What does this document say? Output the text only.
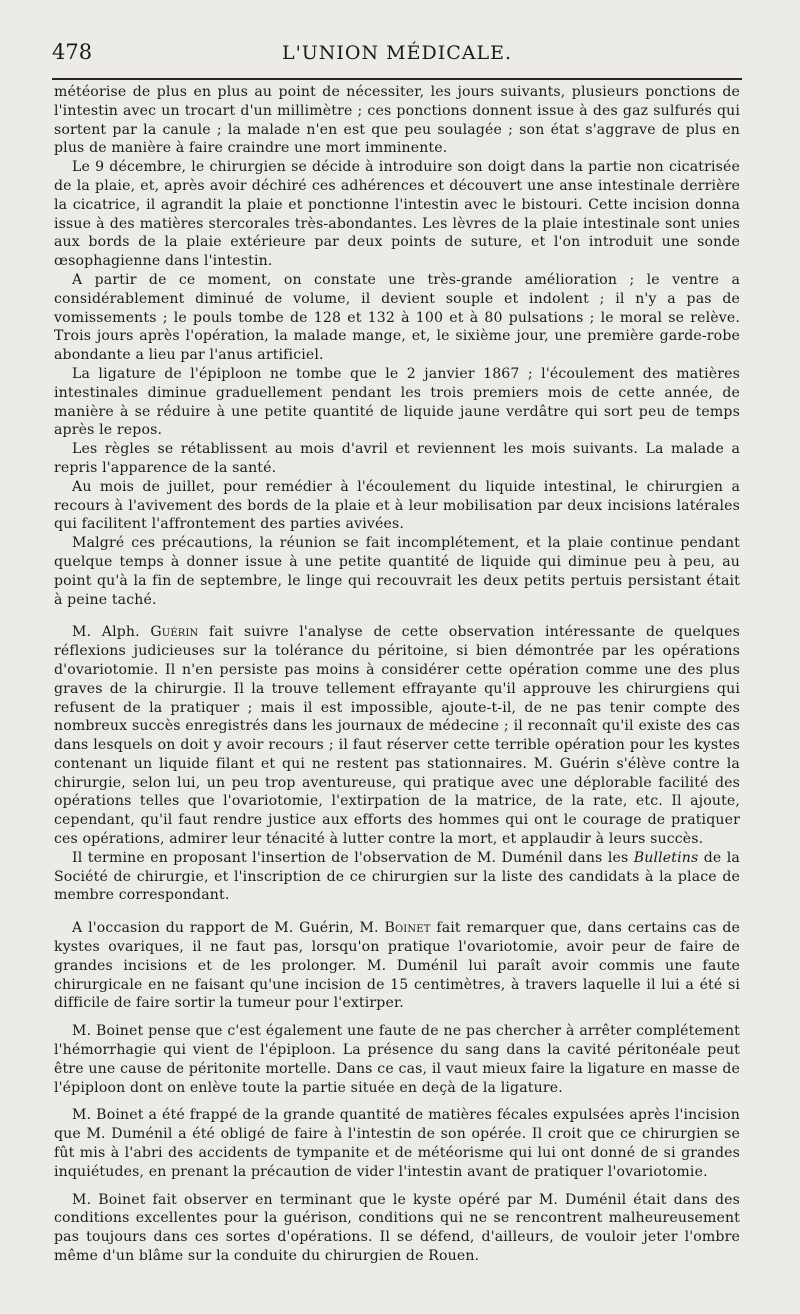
478	L'UNION MÉDICALE.

météorise de plus en plus au point de nécessiter, les jours suivants, plusieurs ponctions de l'intestin avec un trocart d'un millimètre ; ces ponctions donnent issue à des gaz sulfurés qui sortent par la canule ; la malade n'en est que peu soulagée ; son état s'aggrave de plus en plus de manière à faire craindre une mort imminente.

Le 9 décembre, le chirurgien se décide à introduire son doigt dans la partie non cicatrisée de la plaie, et, après avoir déchiré ces adhérences et découvert une anse intestinale derrière la cicatrice, il agrandit la plaie et ponctionne l'intestin avec le bistouri. Cette incision donna issue à des matières stercorales très-abondantes. Les lèvres de la plaie intestinale sont unies aux bords de la plaie extérieure par deux points de suture, et l'on introduit une sonde œsophagienne dans l'intestin.

A partir de ce moment, on constate une très-grande amélioration ; le ventre a considérablement diminué de volume, il devient souple et indolent ; il n'y a pas de vomissements ; le pouls tombe de 128 et 132 à 100 et à 80 pulsations ; le moral se relève. Trois jours après l'opération, la malade mange, et, le sixième jour, une première garde-robe abondante a lieu par l'anus artificiel.

La ligature de l'épiploon ne tombe que le 2 janvier 1867 ; l'écoulement des matières intestinales diminue graduellement pendant les trois premiers mois de cette année, de manière à se réduire à une petite quantité de liquide jaune verdâtre qui sort peu de temps après le repos.

Les règles se rétablissent au mois d'avril et reviennent les mois suivants. La malade a repris l'apparence de la santé.

Au mois de juillet, pour remédier à l'écoulement du liquide intestinal, le chirurgien a recours à l'avivement des bords de la plaie et à leur mobilisation par deux incisions latérales qui facilitent l'affrontement des parties avivées.

Malgré ces précautions, la réunion se fait incomplétement, et la plaie continue pendant quelque temps à donner issue à une petite quantité de liquide qui diminue peu à peu, au point qu'à la fin de septembre, le linge qui recouvrait les deux petits pertuis persistant était à peine taché.

M. Alph. Guérin fait suivre l'analyse de cette observation intéressante de quelques réflexions judicieuses sur la tolérance du péritoine, si bien démontrée par les opérations d'ovariotomie. Il n'en persiste pas moins à considérer cette opération comme une des plus graves de la chirurgie. Il la trouve tellement effrayante qu'il approuve les chirurgiens qui refusent de la pratiquer ; mais il est impossible, ajoute-t-il, de ne pas tenir compte des nombreux succès enregistrés dans les journaux de médecine ; il reconnaît qu'il existe des cas dans lesquels on doit y avoir recours ; il faut réserver cette terrible opération pour les kystes contenant un liquide filant et qui ne restent pas stationnaires. M. Guérin s'élève contre la chirurgie, selon lui, un peu trop aventureuse, qui pratique avec une déplorable facilité des opérations telles que l'ovariotomie, l'extirpation de la matrice, de la rate, etc. Il ajoute, cependant, qu'il faut rendre justice aux efforts des hommes qui ont le courage de pratiquer ces opérations, admirer leur ténacité à lutter contre la mort, et applaudir à leurs succès.

Il termine en proposant l'insertion de l'observation de M. Duménil dans les Bulletins de la Société de chirurgie, et l'inscription de ce chirurgien sur la liste des candidats à la place de membre correspondant.

A l'occasion du rapport de M. Guérin, M. Boinet fait remarquer que, dans certains cas de kystes ovariques, il ne faut pas, lorsqu'on pratique l'ovariotomie, avoir peur de faire de grandes incisions et de les prolonger. M. Duménil lui paraît avoir commis une faute chirurgicale en ne faisant qu'une incision de 15 centimètres, à travers laquelle il lui a été si difficile de faire sortir la tumeur pour l'extirper.

M. Boinet pense que c'est également une faute de ne pas chercher à arrêter complétement l'hémorrhagie qui vient de l'épiploon. La présence du sang dans la cavité péritonéale peut être une cause de péritonite mortelle. Dans ce cas, il vaut mieux faire la ligature en masse de l'épiploon dont on enlève toute la partie située en deçà de la ligature.

M. Boinet a été frappé de la grande quantité de matières fécales expulsées après l'incision que M. Duménil a été obligé de faire à l'intestin de son opérée. Il croit que ce chirurgien se fût mis à l'abri des accidents de tympanite et de météorisme qui lui ont donné de si grandes inquiétudes, en prenant la précaution de vider l'intestin avant de pratiquer l'ovariotomie.

M. Boinet fait observer en terminant que le kyste opéré par M. Duménil était dans des conditions excellentes pour la guérison, conditions qui ne se rencontrent malheureusement pas toujours dans ces sortes d'opérations. Il se défend, d'ailleurs, de vouloir jeter l'ombre même d'un blâme sur la conduite du chirurgien de Rouen.
